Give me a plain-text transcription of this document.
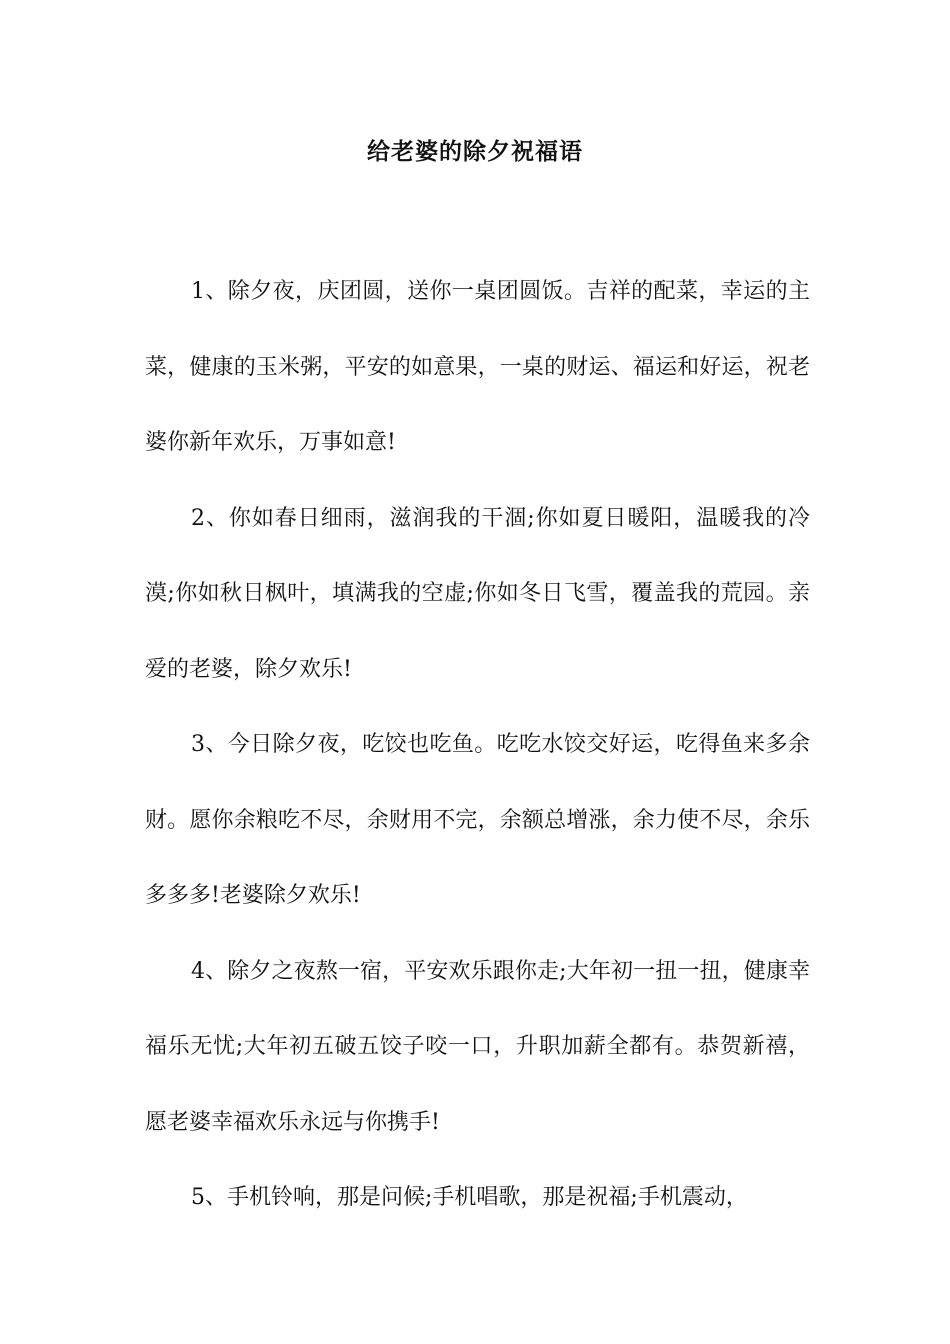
给老婆的除夕祝福语

1、除夕夜，庆团圆，送你一桌团圆饭。吉祥的配菜，幸运的主菜，健康的玉米粥，平安的如意果，一桌的财运、福运和好运，祝老婆你新年欢乐，万事如意!

2、你如春日细雨，滋润我的干涸;你如夏日暖阳，温暖我的冷漠;你如秋日枫叶，填满我的空虚;你如冬日飞雪，覆盖我的荒园。亲爱的老婆，除夕欢乐!

3、今日除夕夜，吃饺也吃鱼。吃吃水饺交好运，吃得鱼来多余财。愿你余粮吃不尽，余财用不完，余额总增涨，余力使不尽，余乐多多多!老婆除夕欢乐!

4、除夕之夜熬一宿，平安欢乐跟你走;大年初一扭一扭，健康幸福乐无忧;大年初五破五饺子咬一口，升职加薪全都有。恭贺新禧，愿老婆幸福欢乐永远与你携手!

5、手机铃响，那是问候;手机唱歌，那是祝福;手机震动，
